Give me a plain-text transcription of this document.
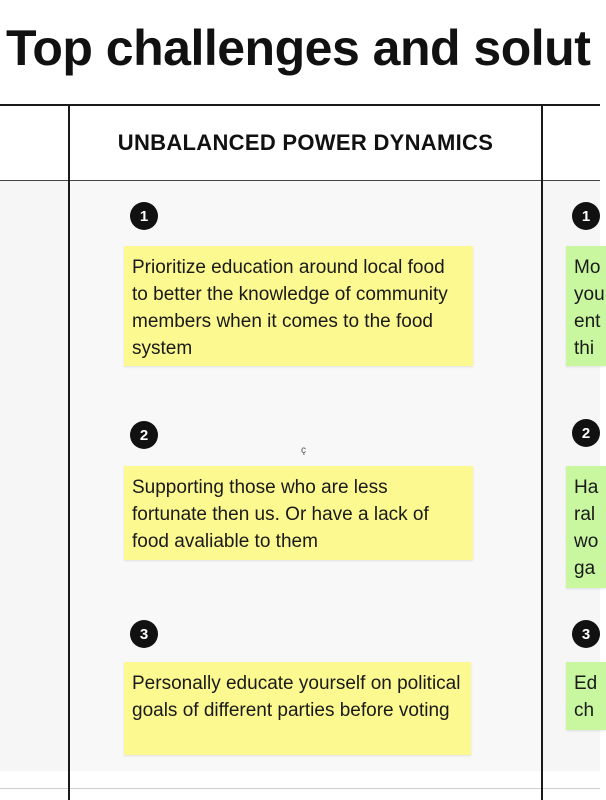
Top challenges and solut
UNBALANCED POWER DYNAMICS
1
Prioritize education around local food to better the knowledge of community members when it comes to the food system
2
Supporting those who are less fortunate then us. Or have a lack of food avaliable to them
3
Personally educate yourself on political goals of different parties before voting
1
Mo
you
ent
thi
2
Ha
ral
wo
ga
3
Ed
ch
ç
